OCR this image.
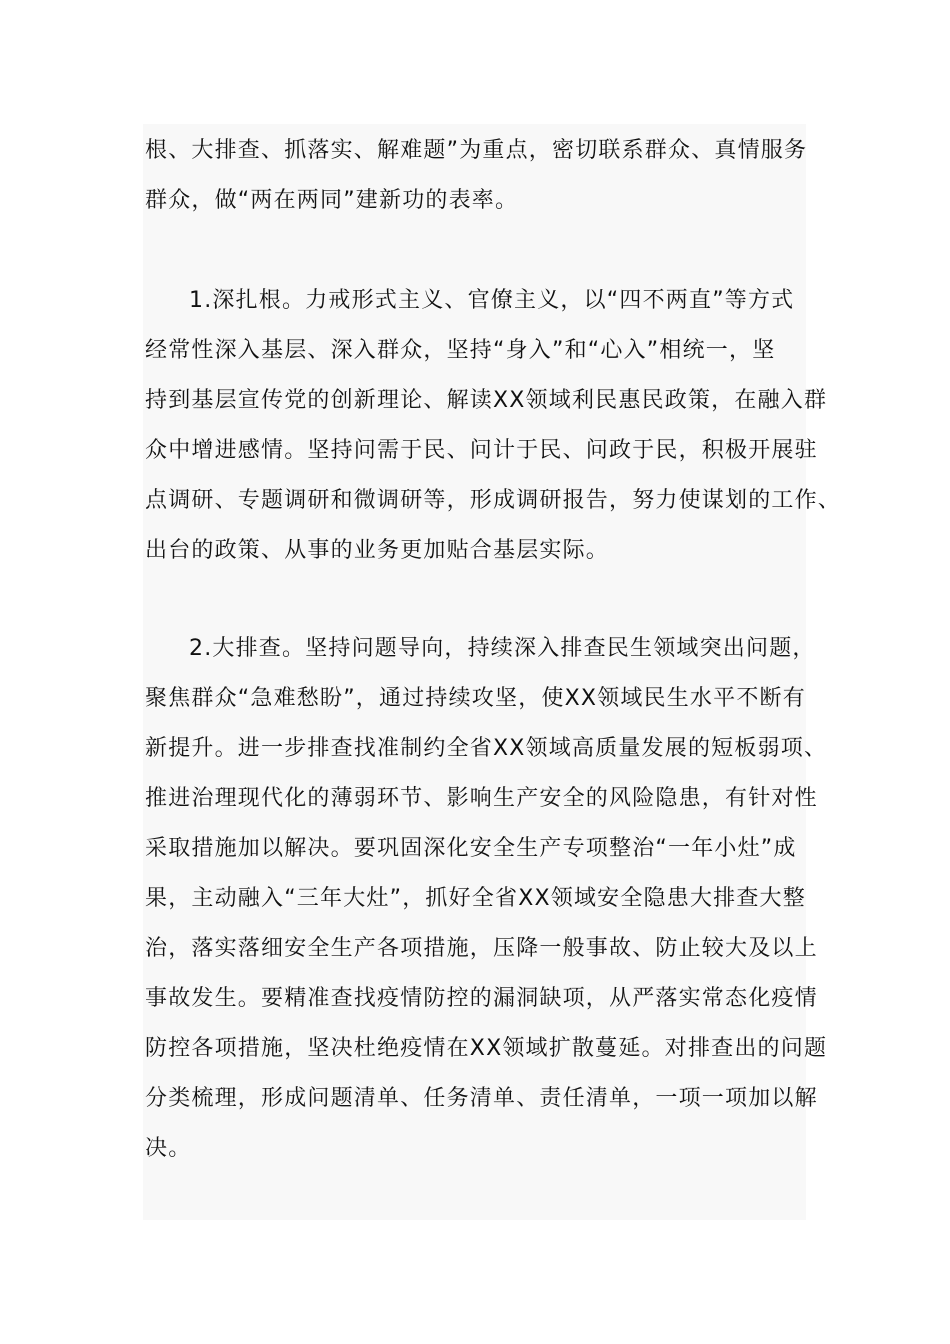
根、大排查、抓落实、解难题”为重点，密切联系群众、真情服务
群众，做“两在两同”建新功的表率。
1.深扎根。力戒形式主义、官僚主义，以“四不两直”等方式
经常性深入基层、深入群众，坚持“身入”和“心入”相统一，坚
持到基层宣传党的创新理论、解读XX领域利民惠民政策，在融入群
众中增进感情。坚持问需于民、问计于民、问政于民，积极开展驻
点调研、专题调研和微调研等，形成调研报告，努力使谋划的工作、
出台的政策、从事的业务更加贴合基层实际。
2.大排查。坚持问题导向，持续深入排查民生领域突出问题，
聚焦群众“急难愁盼”，通过持续攻坚，使XX领域民生水平不断有
新提升。进一步排查找准制约全省XX领域高质量发展的短板弱项、
推进治理现代化的薄弱环节、影响生产安全的风险隐患，有针对性
采取措施加以解决。要巩固深化安全生产专项整治“一年小灶”成
果，主动融入“三年大灶”，抓好全省XX领域安全隐患大排查大整
治，落实落细安全生产各项措施，压降一般事故、防止较大及以上
事故发生。要精准查找疫情防控的漏洞缺项，从严落实常态化疫情
防控各项措施，坚决杜绝疫情在XX领域扩散蔓延。对排查出的问题
分类梳理，形成问题清单、任务清单、责任清单，一项一项加以解
决。
